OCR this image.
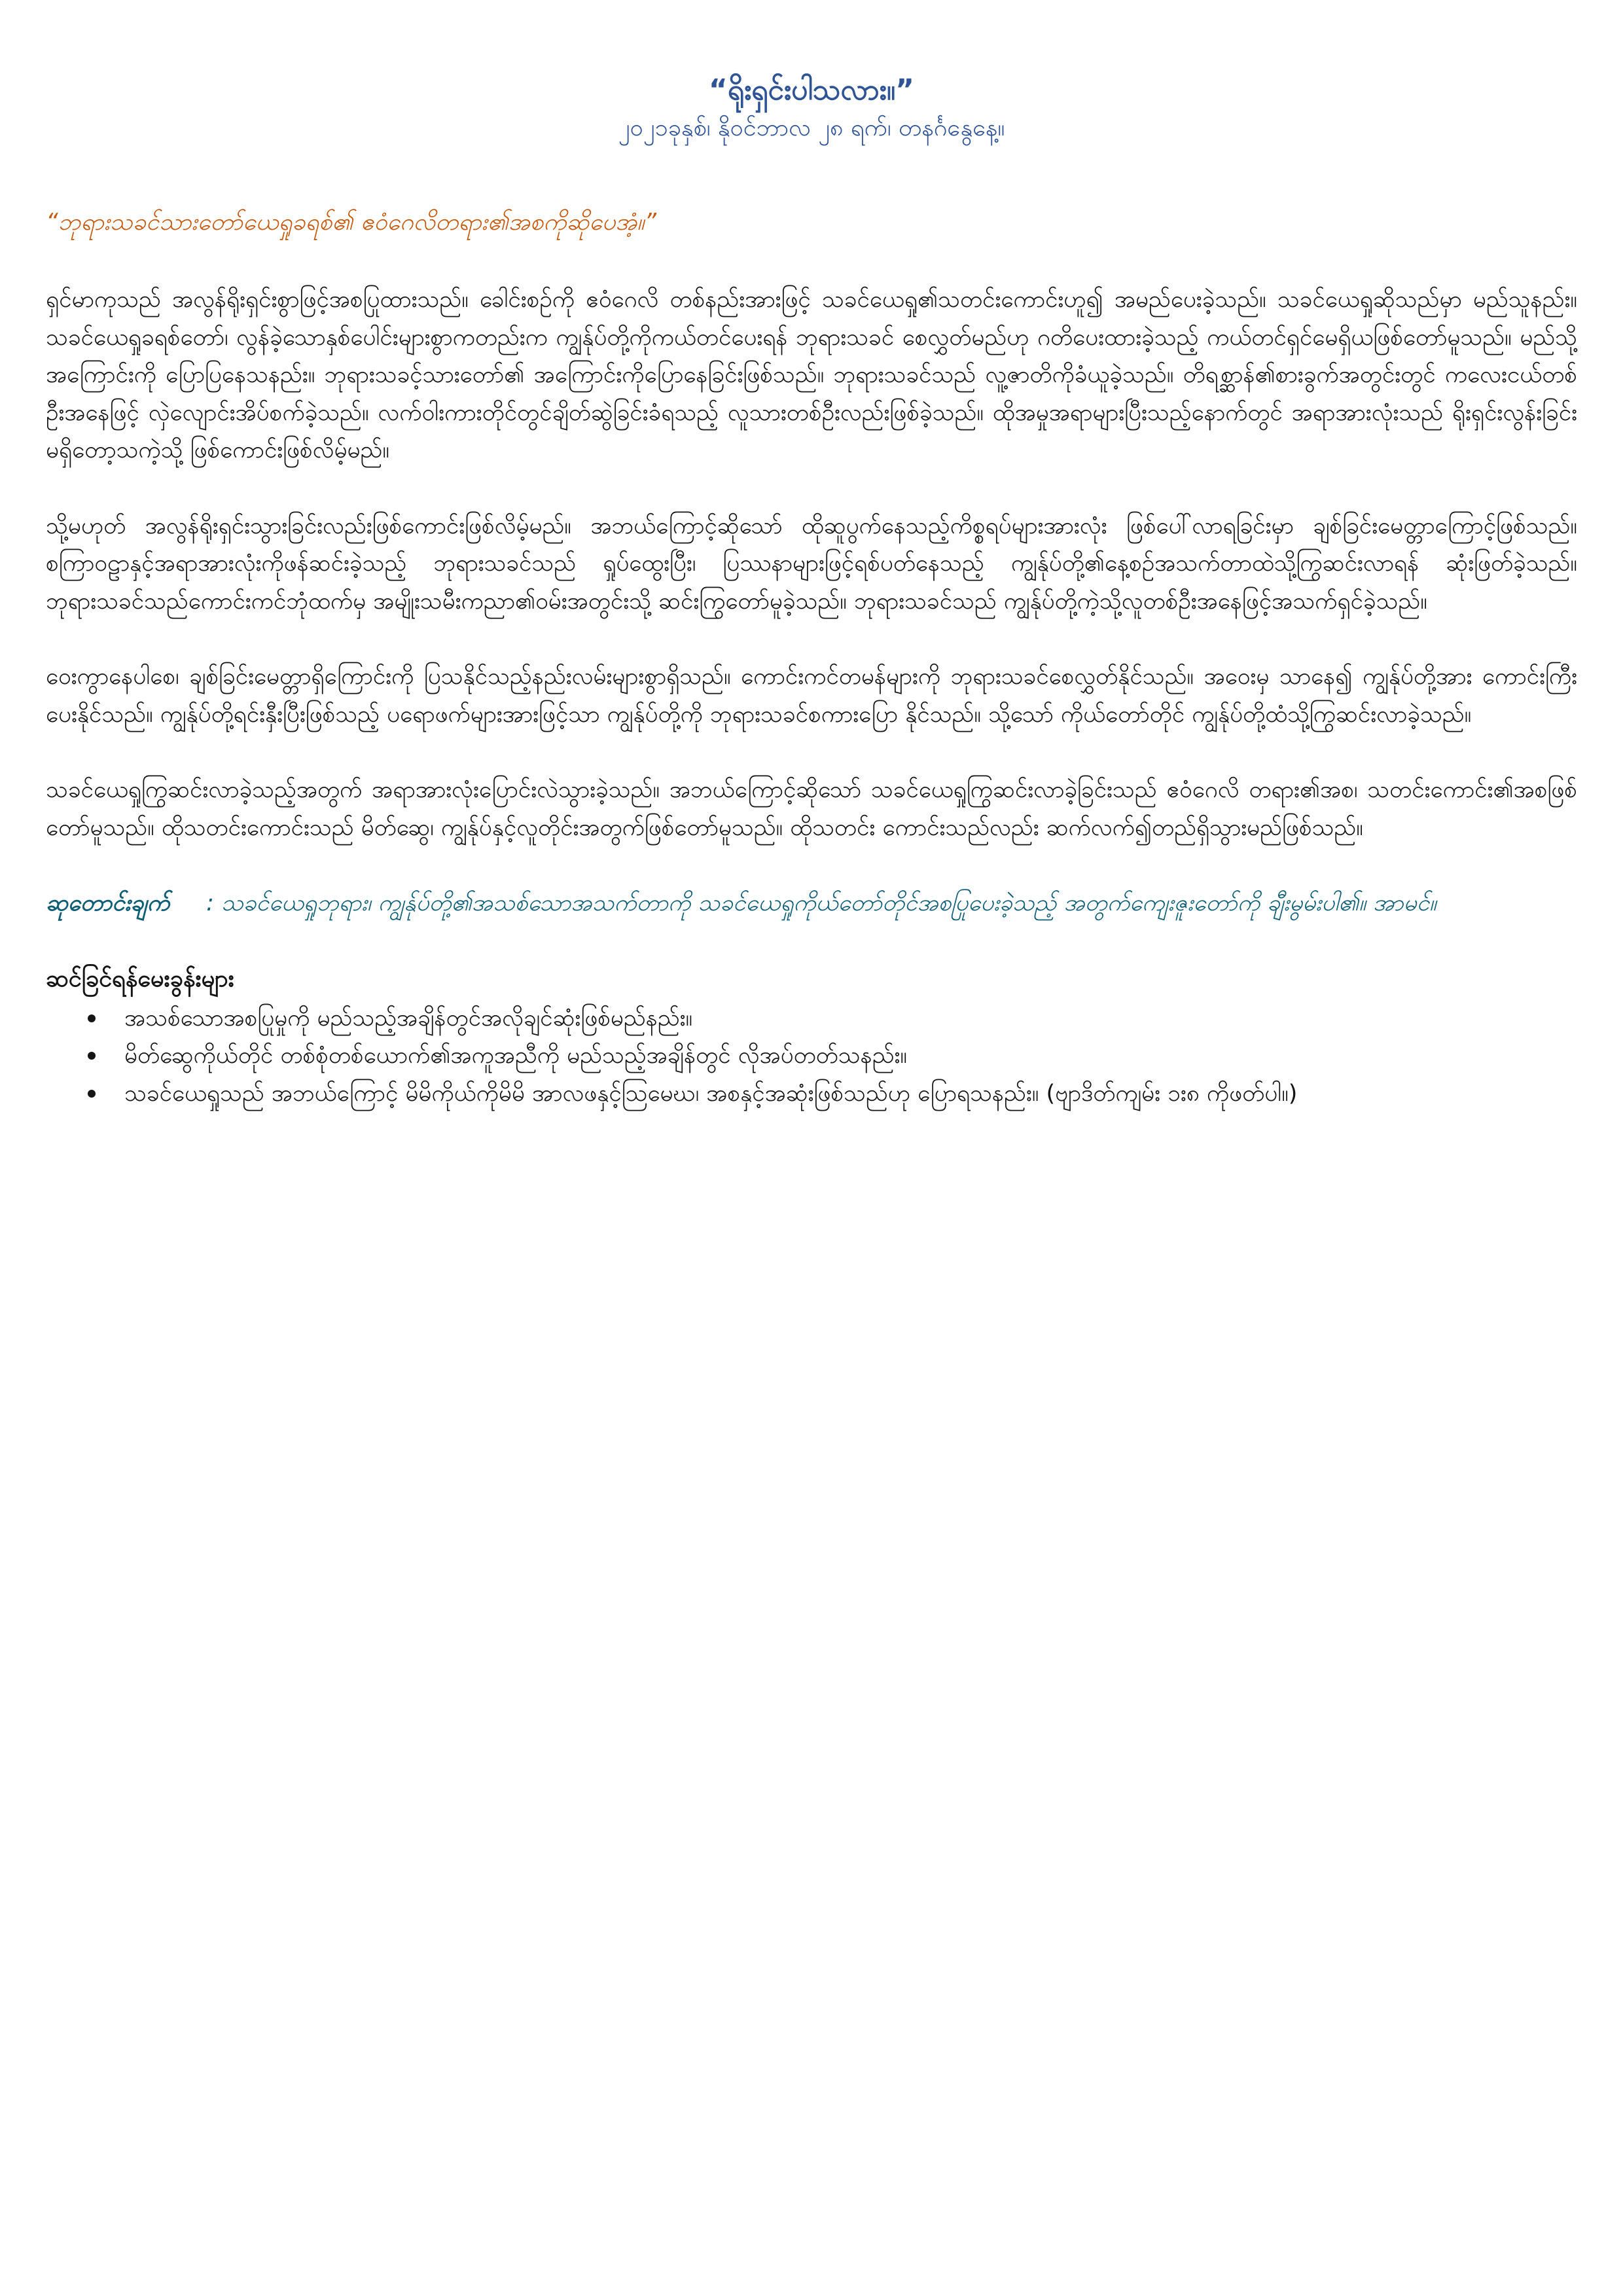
“ရိုးရှင်းပါသလား။”

၂၀၂၁ခုနှစ်၊ နိုဝင်ဘာလ ၂၈ ရက်၊ တနင်္ဂနွေနေ့။

“ဘုရားသခင်သားတော်ယေရှုခရစ်၏ ဧဝံဂေလိတရား၏အစကိုဆိုပေအံ့။”

ရှင်မာကုသည် အလွန်ရိုးရှင်းစွာဖြင့်အစပြုထားသည်။ ခေါင်းစဉ်ကို ဧဝံဂေလိ တစ်နည်းအားဖြင့် သခင်ယေရှု၏သတင်းကောင်းဟူ၍ အမည်ပေးခဲ့သည်။ သခင်ယေရှုဆိုသည်မှာ မည်သူနည်း။ သခင်ယေရှုခရစ်တော်၊ လွန်ခဲ့သောနှစ်ပေါင်းများစွာကတည်းက ကျွန်ုပ်တို့ကိုကယ်တင်ပေးရန် ဘုရားသခင် စေလွှတ်မည်ဟု ဂတိပေးထားခဲ့သည့် ကယ်တင်ရှင်မေရှိယဖြစ်တော်မူသည်။ မည်သို့အကြောင်းကို ပြောပြနေသနည်း။ ဘုရားသခင့်သားတော်၏ အကြောင်းကိုပြောနေခြင်းဖြစ်သည်။ ဘုရားသခင်သည် လူ့ဇာတိကိုခံယူခဲ့သည်။ တိရစ္ဆာန်၏စားခွက်အတွင်းတွင် ကလေးငယ်တစ်ဦးအနေဖြင့် လှဲလျောင်းအိပ်စက်ခဲ့သည်။ လက်ဝါးကားတိုင်တွင်ချိတ်ဆွဲခြင်းခံရသည့် လူသားတစ်ဦးလည်းဖြစ်ခဲ့သည်။ ထိုအမှုအရာများပြီးသည့်နောက်တွင် အရာအားလုံးသည် ရိုးရှင်းလွန်းခြင်းမရှိတော့သကဲ့သို့ ဖြစ်ကောင်းဖြစ်လိမ့်မည်။

သို့မဟုတ် အလွန်ရိုးရှင်းသွားခြင်းလည်းဖြစ်ကောင်းဖြစ်လိမ့်မည်။ အဘယ်ကြောင့်ဆိုသော် ထိုဆူပွက်နေသည့်ကိစ္စရပ်များအားလုံး ဖြစ်ပေါ်လာရခြင်းမှာ ချစ်ခြင်းမေတ္တာကြောင့်ဖြစ်သည်။ စကြာဝဠာနှင့်အရာအားလုံးကိုဖန်ဆင်းခဲ့သည့် ဘုရားသခင်သည် ရှုပ်ထွေးပြီး၊ ပြဿနာများဖြင့်ရစ်ပတ်နေသည့် ကျွန်ုပ်တို့၏နေ့စဉ်အသက်တာထဲသို့ကြွဆင်းလာရန် ဆုံးဖြတ်ခဲ့သည်။ ဘုရားသခင်သည်ကောင်းကင်ဘုံထက်မှ အမျိုးသမီးကညာ၏ဝမ်းအတွင်းသို့ ဆင်းကြွတော်မူခဲ့သည်။ ဘုရားသခင်သည် ကျွန်ုပ်တို့ကဲ့သို့လူတစ်ဦးအနေဖြင့်အသက်ရှင်ခဲ့သည်။

ဝေးကွာနေပါစေ၊ ချစ်ခြင်းမေတ္တာရှိကြောင်းကို ပြသနိုင်သည့်နည်းလမ်းများစွာရှိသည်။ ကောင်းကင်တမန်များကို ဘုရားသခင်စေလွှတ်နိုင်သည်။ အဝေးမှ သာနေ၍ ကျွန်ုပ်တို့အား ကောင်းကြီးပေးနိုင်သည်။ ကျွန်ုပ်တို့ရင်းနှီးပြီးဖြစ်သည့် ပရောဖက်များအားဖြင့်သာ ကျွန်ုပ်တို့ကို ဘုရားသခင်စကားပြော နိုင်သည်။ သို့သော် ကိုယ်တော်တိုင် ကျွန်ုပ်တို့ထံသို့ကြွဆင်းလာခဲ့သည်။

သခင်ယေရှုကြွဆင်းလာခဲ့သည့်အတွက် အရာအားလုံးပြောင်းလဲသွားခဲ့သည်။ အဘယ်ကြောင့်ဆိုသော် သခင်ယေရှုကြွဆင်းလာခဲ့ခြင်းသည် ဧဝံဂေလိ တရား၏အစ၊ သတင်းကောင်း၏အစဖြစ်တော်မူသည်။ ထိုသတင်းကောင်းသည် မိတ်ဆွေ၊ ကျွန်ုပ်နှင့်လူတိုင်းအတွက်ဖြစ်တော်မူသည်။ ထိုသတင်း ကောင်းသည်လည်း ဆက်လက်၍တည်ရှိသွားမည်ဖြစ်သည်။

ဆုတောင်းချက် : သခင်ယေရှုဘုရား၊ ကျွန်ုပ်တို့၏အသစ်သောအသက်တာကို သခင်ယေရှုကိုယ်တော်တိုင်အစပြုပေးခဲ့သည့် အတွက်ကျေးဇူးတော်ကို ချီးမွမ်းပါ၏။ အာမင်။

ဆင်ခြင်ရန်မေးခွန်းများ

အသစ်သောအစပြုမှုကို မည်သည့်အချိန်တွင်အလိုချင်ဆုံးဖြစ်မည်နည်း။
မိတ်ဆွေကိုယ်တိုင် တစ်စုံတစ်ယောက်၏အကူအညီကို မည်သည့်အချိန်တွင် လိုအပ်တတ်သနည်း။
သခင်ယေရှုသည် အဘယ်ကြောင့် မိမိကိုယ်ကိုမိမိ အာလဖနှင့်ဩမေဃ၊ အစနှင့်အဆုံးဖြစ်သည်ဟု ပြောရသနည်း။ (ဗျာဒိတ်ကျမ်း ၁း၈ ကိုဖတ်ပါ။)
